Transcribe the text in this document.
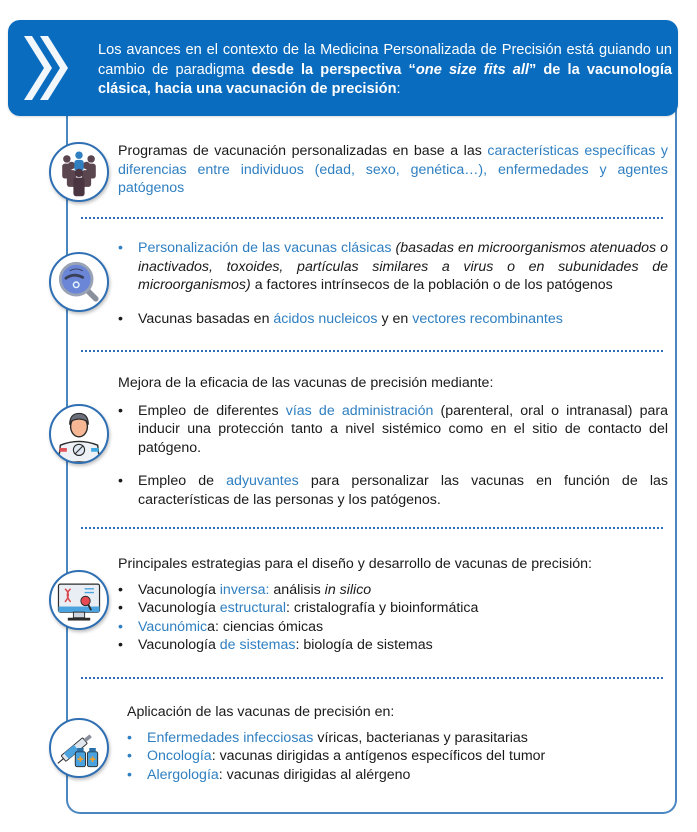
Los avances en el contexto de la Medicina Personalizada de Precisión está guiando un cambio de paradigma desde la perspectiva “one size fits all” de la vacunología clásica, hacia una vacunación de precisión:
Programas de vacunación personalizadas en base a las características específicas y diferencias entre individuos (edad, sexo, genética…), enfermedades y agentes patógenos
• Personalización de las vacunas clásicas (basadas en microorganismos atenuados o inactivados, toxoides, partículas similares a virus o en subunidades de microorganismos) a factores intrínsecos de la población o de los patógenos
• Vacunas basadas en ácidos nucleicos y en vectores recombinantes
Mejora de la eficacia de las vacunas de precisión mediante:
• Empleo de diferentes vías de administración (parenteral, oral o intranasal) para inducir una protección tanto a nivel sistémico como en el sitio de contacto del patógeno.
• Empleo de adyuvantes para personalizar las vacunas en función de las características de las personas y los patógenos.
Principales estrategias para el diseño y desarrollo de vacunas de precisión:
• Vacunología inversa: análisis in silico
• Vacunología estructural: cristalografía y bioinformática
• Vacunómica: ciencias ómicas
• Vacunología de sistemas: biología de sistemas
Aplicación de las vacunas de precisión en:
• Enfermedades infecciosas víricas, bacterianas y parasitarias
• Oncología: vacunas dirigidas a antígenos específicos del tumor
• Alergología: vacunas dirigidas al alérgeno
